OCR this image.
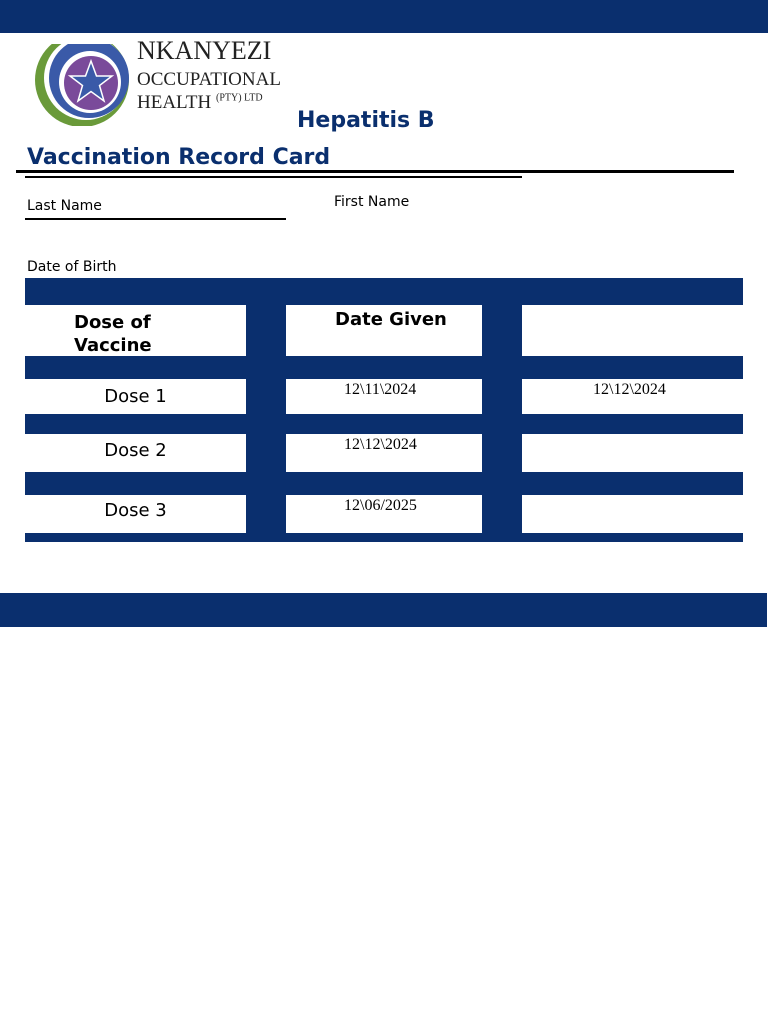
NKANYEZI
OCCUPATIONAL
HEALTH $^{(PTY) LTD}$
Hepatitis B
Vaccination Record Card
Last Name	First Name
Date of Birth
Dose of Vaccine
Date Given
Dose 1	12\11\2024	12\12\2024
Dose 2	12\12\2024
Dose 3	12\06/2025
